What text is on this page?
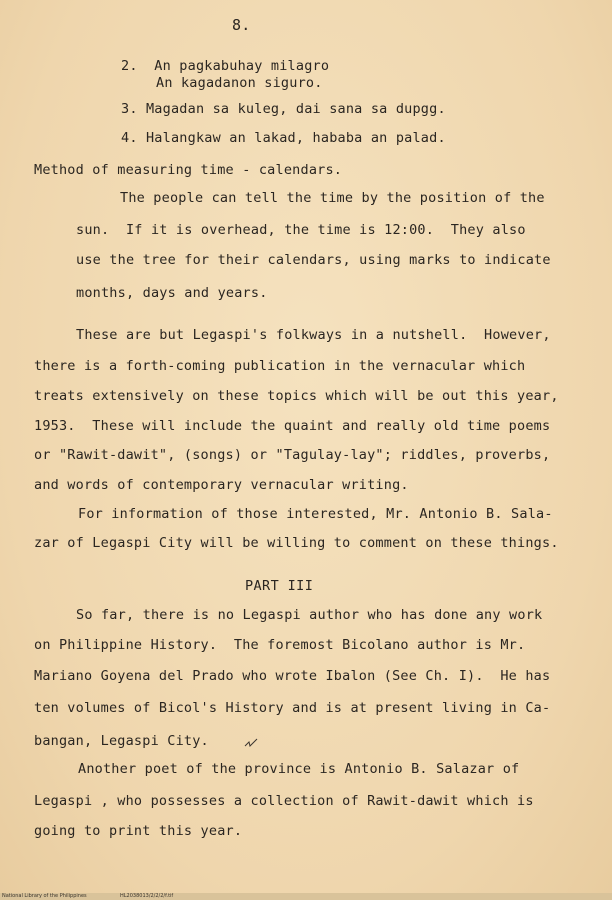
8.
2.  An pagkabuhay milagro
An kagadanon siguro.
3. Magadan sa kuleg, dai sana sa dupgg.
4. Halangkaw an lakad, hababa an palad.
Method of measuring time - calendars.
The people can tell the time by the position of the
sun.  If it is overhead, the time is 12:00.  They also
use the tree for their calendars, using marks to indicate
months, days and years.
These are but Legaspi's folkways in a nutshell.  However,
there is a forth-coming publication in the vernacular which
treats extensively on these topics which will be out this year,
1953.  These will include the quaint and really old time poems
or "Rawit-dawit", (songs) or "Tagulay-lay"; riddles, proverbs,
and words of contemporary vernacular writing.
For information of those interested, Mr. Antonio B. Sala-
zar of Legaspi City will be willing to comment on these things.
PART III
So far, there is no Legaspi author who has done any work
on Philippine History.  The foremost Bicolano author is Mr.
Mariano Goyena del Prado who wrote Ibalon (See Ch. I).  He has
ten volumes of Bicol's History and is at present living in Ca-
bangan, Legaspi City.
Another poet of the province is Antonio B. Salazar of
Legaspi , who possesses a collection of Rawit-dawit which is
going to print this year.
National Library of the Philippines	HL2038013/2/2/2/f.tif
